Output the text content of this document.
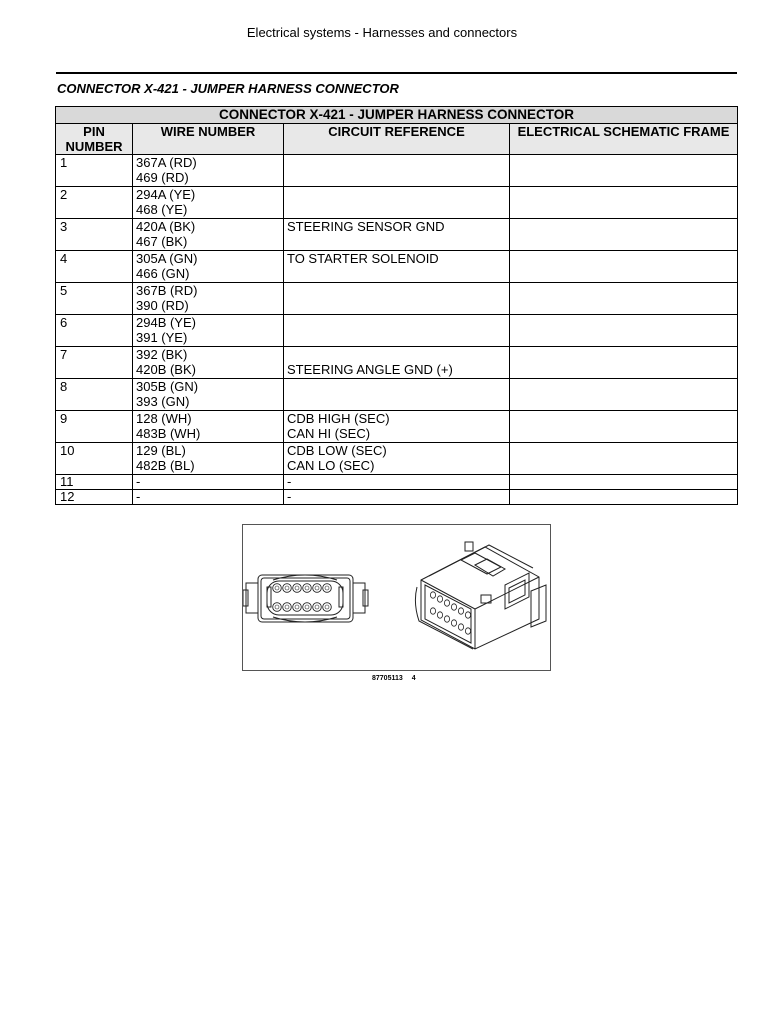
Electrical systems - Harnesses and connectors
CONNECTOR X-421 - JUMPER HARNESS CONNECTOR
CONNECTOR X-421 - JUMPER HARNESS CONNECTOR			
PIN NUMBER	WIRE NUMBER	CIRCUIT REFERENCE	ELECTRICAL SCHEMATIC FRAME

1	367A (RD)
469 (RD)		

2	294A (YE)
468 (YE)		

3	420A (BK)
467 (BK)	STEERING SENSOR GND	

4	305A (GN)
466 (GN)	TO STARTER SOLENOID	

5	367B (RD)
390 (RD)		

6	294B (YE)
391 (YE)		

7	392 (BK)
420B (BK)	STEERING ANGLE GND (+)	

8	305B (GN)
393 (GN)		

9	128 (WH)
483B (WH)	CDB HIGH (SEC)
CAN HI (SEC)	

10	129 (BL)
482B (BL)	CDB LOW (SEC)
CAN LO (SEC)	

11	-	-	
12	-	-	
87705113 4
